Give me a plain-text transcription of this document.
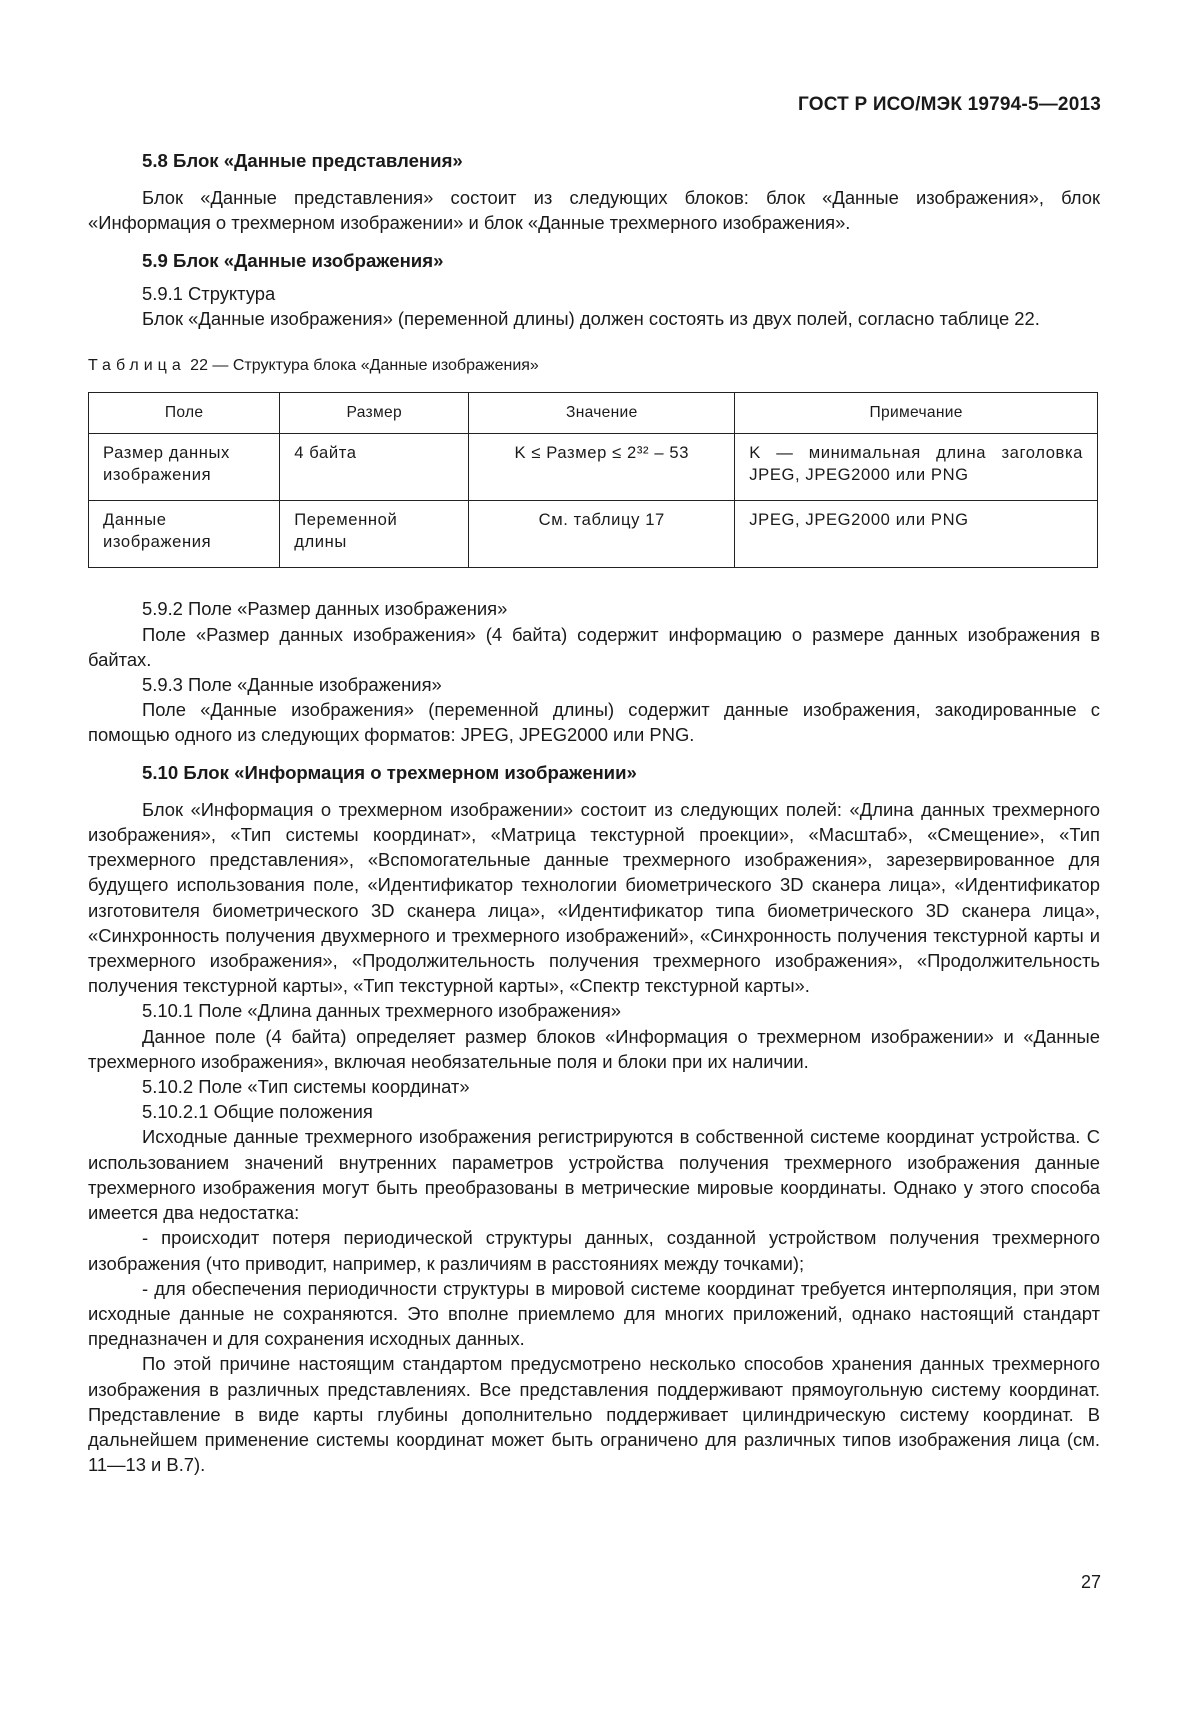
ГОСТ Р ИСО/МЭК 19794-5—2013
5.8 Блок «Данные представления»

Блок «Данные представления» состоит из следующих блоков: блок «Данные изображения», блок «Информация о трехмерном изображении» и блок «Данные трехмерного изображения».

5.9 Блок «Данные изображения»

5.9.1 Структура

Блок «Данные изображения» (переменной длины) должен состоять из двух полей, согласно таблице 22.

Таблица 22 — Структура блока «Данные изображения»
Поле	Размер	Значение	Примечание
Размер данных изображения	4 байта	K ≤ Размер ≤ 2³² – 53	K — минимальная длина заголовка JPEG, JPEG2000 или PNG
Данные изображения	Переменной длины	См. таблицу 17	JPEG, JPEG2000 или PNG

5.9.2 Поле «Размер данных изображения»

Поле «Размер данных изображения» (4 байта) содержит информацию о размере данных изображения в байтах.

5.9.3 Поле «Данные изображения»

Поле «Данные изображения» (переменной длины) содержит данные изображения, закодированные с помощью одного из следующих форматов: JPEG, JPEG2000 или PNG.

5.10 Блок «Информация о трехмерном изображении»

Блок «Информация о трехмерном изображении» состоит из следующих полей: «Длина данных трехмерного изображения», «Тип системы координат», «Матрица текстурной проекции», «Масштаб», «Смещение», «Тип трехмерного представления», «Вспомогательные данные трехмерного изображения», зарезервированное для будущего использования поле, «Идентификатор технологии биометрического 3D сканера лица», «Идентификатор изготовителя биометрического 3D сканера лица», «Идентификатор типа биометрического 3D сканера лица», «Синхронность получения двухмерного и трехмерного изображений», «Синхронность получения текстурной карты и трехмерного изображения», «Продолжительность получения трехмерного изображения», «Продолжительность получения текстурной карты», «Тип текстурной карты», «Спектр текстурной карты».

5.10.1 Поле «Длина данных трехмерного изображения»

Данное поле (4 байта) определяет размер блоков «Информация о трехмерном изображении» и «Данные трехмерного изображения», включая необязательные поля и блоки при их наличии.

5.10.2 Поле «Тип системы координат»

5.10.2.1 Общие положения

Исходные данные трехмерного изображения регистрируются в собственной системе координат устройства. С использованием значений внутренних параметров устройства получения трехмерного изображения данные трехмерного изображения могут быть преобразованы в метрические мировые координаты. Однако у этого способа имеется два недостатка:

- происходит потеря периодической структуры данных, созданной устройством получения трехмерного изображения (что приводит, например, к различиям в расстояниях между точками);

- для обеспечения периодичности структуры в мировой системе координат требуется интерполяция, при этом исходные данные не сохраняются. Это вполне приемлемо для многих приложений, однако настоящий стандарт предназначен и для сохранения исходных данных.

По этой причине настоящим стандартом предусмотрено несколько способов хранения данных трехмерного изображения в различных представлениях. Все представления поддерживают прямоугольную систему координат. Представление в виде карты глубины дополнительно поддерживает цилиндрическую систему координат. В дальнейшем применение системы координат может быть ограничено для различных типов изображения лица (см. 11—13 и В.7).

27
